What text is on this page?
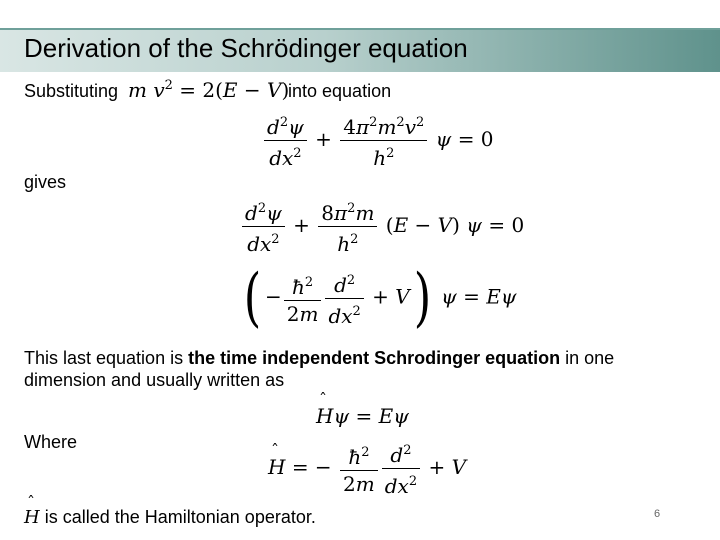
Derivation of the Schrödinger equation
Substituting m $v^2 = 2(E - V)$
into equation
$\frac{d^2\psi}{dx^2} + \frac{4\pi^2m^2v^2}{h^2}$ ψ = 0
gives
$\frac{d^2\psi}{dx^2} + \frac{8\pi^2m}{h^2} (E - V) \psi = 0$
( − $\frac{ħ^2}{2m} \frac{d^2}{dx^2} + V$) ψ = Eψ
This last equation is the time independent Schrodinger equation in one
dimension and usually written as
ˆ Hψ = Eψ
Where
ˆ H = − $\frac{ħ^2}{2m} \frac{d^2}{dx^2} + V$
ˆ H is called the Hamiltonian operator.	6
